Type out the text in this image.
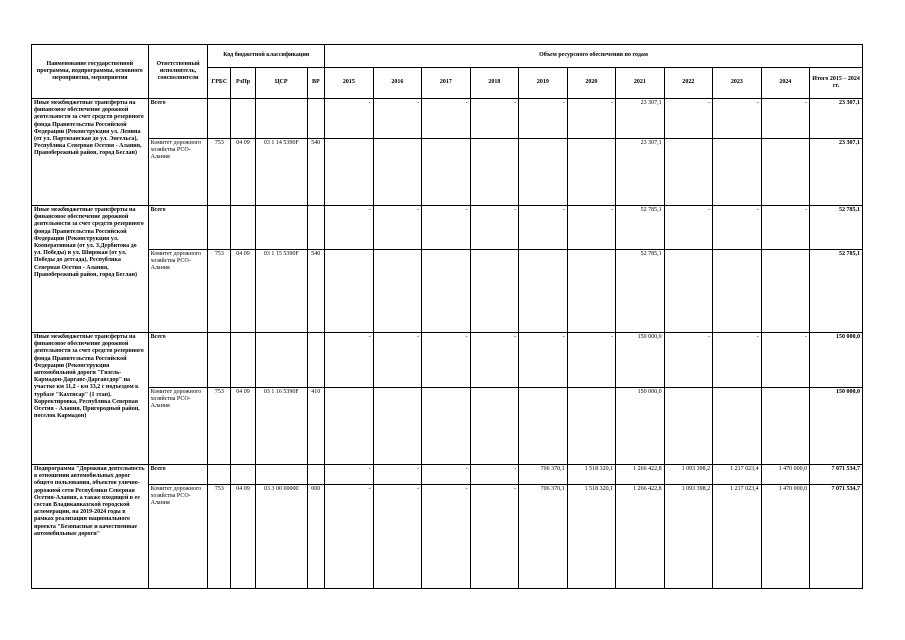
Наименование государственной программы, подпрограммы, основного мероприятия, мероприятия	Ответственный исполнитель, соисполнители	Код бюджетной классификации				Объем ресурсного обеспечения по годам										
		ГРБС	РзПр	ЦСР	ВР	2015	2016	2017	2018	2019	2020	2021	2022	2023	2024	Итого 2015 – 2024 гг.
Иные межбюджетные трансферты на финансовое обеспечение дорожной деятельности за счет средств резервного фонда Правительства Российской Федерации (Реконструкция ул. Ленина (от ул. Партизанская до ул. Энгельса), Республика Северная Осетия - Алания, Правобережный район, город Беслан)	Всего					-	-	-	-	-	-	23 307,1	-	-	-	23 307,1
	Комитет дорожного хозяйства РСО-Алания	753	04 09	03 1 14 5390F	540							23 307,1				23 307,1
Иные межбюджетные трансферты на финансовое обеспечение дорожной деятельности за счет средств резервного фонда Правительства Российской Федерации (Реконструкция ул. Кооперативная (от ул. З.Дербитова до ул. Победы) и ул. Широкая (от ул. Победы до детсада), Республика Северная Осетия - Алания, Правобережный район, город Беслан)	Всего					-	-	-	-	-	-	52 785,1	-	-	-	52 785,1
	Комитет дорожного хозяйства РСО-Алания	753	04 09	03 1 15 5390F	540							52 785,1				52 785,1
Иные межбюджетные трансферты на финансовое обеспечение дорожной деятельности за счет средств резервного фонда Правительства Российской Федерации (Реконструкция автомобильной дороги "Гизель-Кармадон-Даргавс-Даргавсдор" на участке км 11,2 - км 33,2 с подъездом к турбазе "Кахтисар" (1 этап). Корректировка, Республика Северная Осетия - Алания, Пригородный район, поселок Кармадон)	Всего					-	-	-	-	-	-	150 000,0	-	-	-	150 000,0
	Комитет дорожного хозяйства РСО-Алания	753	04 09	03 1 16 5390F	410							150 000,0				150 000,0
Подпрограмма "Дорожная деятельность в отношении автомобильных дорог общего пользования, объектов улично-дорожной сети Республики Северная Осетия-Алания, а также входящей в ее состав Владикавказской городской агломерации, на 2019-2024 годы в рамках реализации национального проекта "Безопасные и качественные автомобильные дороги"	Всего					-	-	-	-	706 370,1	1 518 320,1	1 266 422,8	1 093 398,2	1 217 023,4	1 470 000,0	7 071 534,7
	Комитет дорожного хозяйства РСО-Алания	753	04 09	03 3 00 00000	000	-	-	-	-	706 370,1	1 518 320,1	1 266 422,8	1 093 398,2	1 217 023,4	1 470 000,0	7 071 534,7
